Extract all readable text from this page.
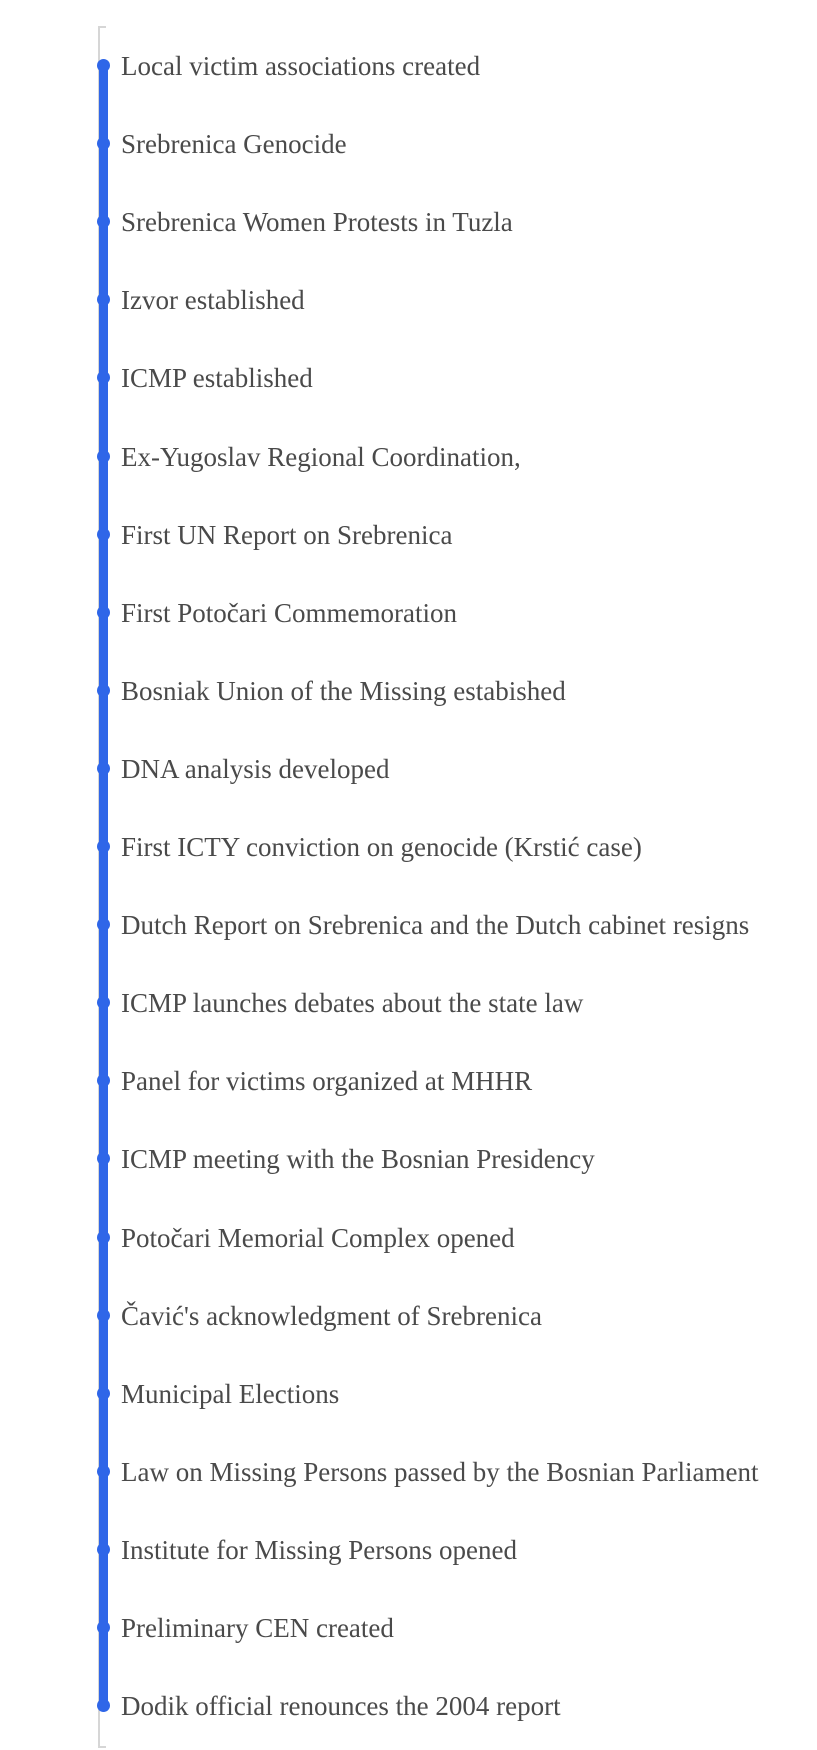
Local victim associations created
Srebrenica Genocide
Srebrenica Women Protests in Tuzla
Izvor established
ICMP established
Ex-Yugoslav Regional Coordination,
First UN Report on Srebrenica
First Potočari Commemoration
Bosniak Union of the Missing estabished
DNA analysis developed
First ICTY conviction on genocide (Krstić case)
Dutch Report on Srebrenica and the Dutch cabinet resigns
ICMP launches debates about the state law
Panel for victims organized at MHHR
ICMP meeting with the Bosnian Presidency
Potočari Memorial Complex opened
Čavić's acknowledgment of Srebrenica
Municipal Elections
Law on Missing Persons passed by the Bosnian Parliament
Institute for Missing Persons opened
Preliminary CEN created
Dodik official renounces the 2004 report
